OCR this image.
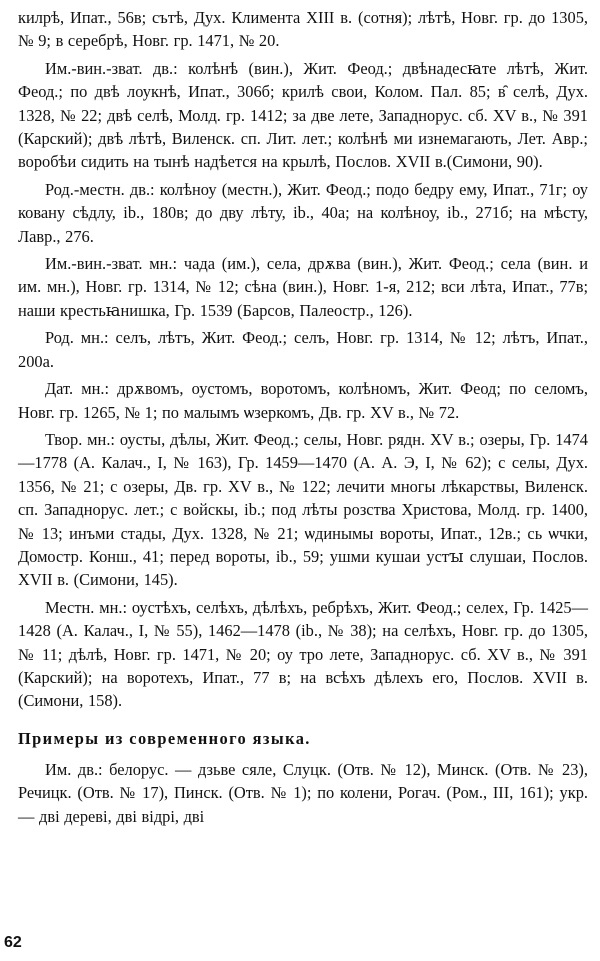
килрѣ, Ипат., 56в; сътѣ, Дух. Климента XIII в. (сотня); лѣтѣ, Новг. гр. до 1305, № 9; в серебрѣ, Новг. гр. 1471, № 20.

Им.-вин.-зват. дв.: колѣнѣ (вин.), Жит. Феод.; двѣнадесꙗте лѣтѣ, Жит. Феод.; по двѣ лоукнѣ, Ипат., 306б; крилѣ свои, Колом. Пал. 85; в̑ селѣ, Дух. 1328, № 22; двѣ селѣ, Молд. гр. 1412; за две лете, Западнорус. сб. XV в., № 391 (Карский); двѣ лѣтѣ, Виленск. сп. Лит. лет.; колѣнѣ ми изнемагають, Лет. Авр.; воробѣи сидить на тынѣ надѣется на крылѣ, Послов. XVII в.(Симони, 90).

Род.-местн. дв.: колѣноу (местн.), Жит. Феод.; подо бедру ему, Ипат., 71г; оу ковану сѣдлу, ib., 180в; до дву лѣту, ib., 40а; на колѣноу, ib., 271б; на мѣсту, Лавр., 276.

Им.-вин.-зват. мн.: чада (им.), села, дрѫва (вин.), Жит. Феод.; села (вин. и им. мн.), Новг. гр. 1314, № 12; сѣна (вин.), Новг. 1-я, 212; вси лѣта, Ипат., 77в; наши крестьꙗнишка, Гр. 1539 (Барсов, Палеостр., 126).

Род. мн.: селъ, лѣтъ, Жит. Феод.; селъ, Новг. гр. 1314, № 12; лѣтъ, Ипат., 200а.

Дат. мн.: дрѫвомъ, оустомъ, воротомъ, колѣномъ, Жит. Феод; по селомъ, Новг. гр. 1265, № 1; по малымъ ѡзеркомъ, Дв. гр. XV в., № 72.

Твор. мн.: оусты, дѣлы, Жит. Феод.; селы, Новг. рядн. XV в.; озеры, Гр. 1474—1778 (А. Калач., I, № 163), Гр. 1459—1470 (А. А. Э, I, № 62); с селы, Дух. 1356, № 21; с озеры, Дв. гр. XV в., № 122; лечити многы лѣкарствы, Виленск. сп. Западнорус. лет.; с войскы, ib.; под лѣты розства Христова, Молд. гр. 1400, № 13; инъми стады, Дух. 1328, № 21; ѡдинымы вороты, Ипат., 12в.; сь ѡчки, Домостр. Конш., 41; перед вороты, ib., 59; ушми кушаи устꙑ слушаи, Послов. XVII в. (Симони, 145).

Местн. мн.: оустѣхъ, селѣхъ, дѣлѣхъ, ребрѣхъ, Жит. Феод.; селех, Гр. 1425—1428 (А. Калач., I, № 55), 1462—1478 (ib., № 38); на селѣхъ, Новг. гр. до 1305, № 11; дѣлѣ, Новг. гр. 1471, № 20; оу тро лете, Западнорус. сб. XV в., № 391 (Карский); на воротехъ, Ипат., 77 в; на всѣхъ дѣлехъ его, Послов. XVII в. (Симони, 158).

Примеры из современного языка.

Им. дв.: белорус. — дзьве сяле, Слуцк. (Отв. № 12), Минск. (Отв. № 23), Речицк. (Отв. № 17), Пинск. (Отв. № 1); по колени, Рогач. (Ром., III, 161); укр. — дві дереві, дві відрі, дві

62
